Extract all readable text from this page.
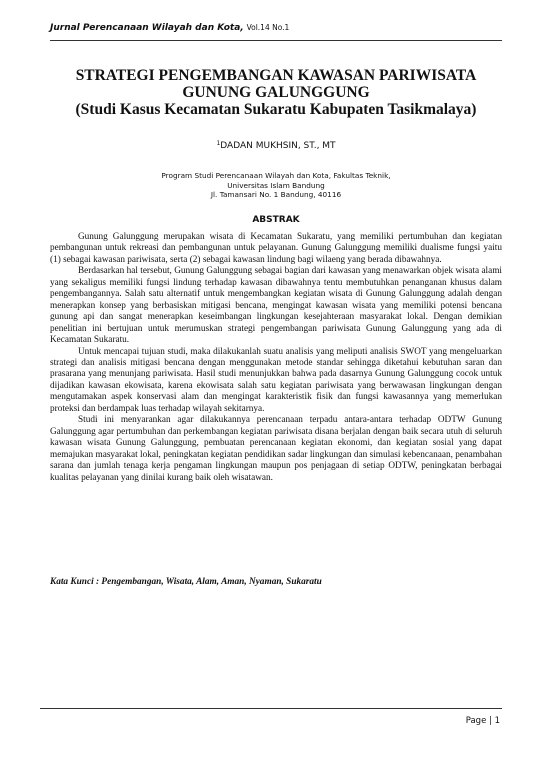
Jurnal Perencanaan Wilayah dan Kota, Vol.14 No.1
STRATEGI PENGEMBANGAN KAWASAN PARIWISATA
GUNUNG GALUNGGUNG
(Studi Kasus Kecamatan Sukaratu Kabupaten Tasikmalaya)
$^1$DADAN MUKHSIN, ST., MT
Program Studi Perencanaan Wilayah dan Kota, Fakultas Teknik,
Universitas Islam Bandung
Jl. Tamansari No. 1 Bandung, 40116
ABSTRAK

Gunung Galunggung merupakan wisata di Kecamatan Sukaratu, yang memiliki pertumbuhan dan kegiatan pembangunan untuk rekreasi dan pembangunan untuk pelayanan. Gunung Galunggung memiliki dualisme fungsi yaitu (1) sebagai kawasan pariwisata, serta (2) sebagai kawasan lindung bagi wilaeng yang berada dibawahnya.

Berdasarkan hal tersebut, Gunung Galunggung sebagai bagian dari kawasan yang menawarkan objek wisata alami yang sekaligus memiliki fungsi lindung terhadap kawasan dibawahnya tentu membutuhkan penanganan khusus dalam pengembangannya. Salah satu alternatif untuk mengembangkan kegiatan wisata di Gunung Galunggung adalah dengan menerapkan konsep yang berbasiskan mitigasi bencana, mengingat kawasan wisata yang memiliki potensi bencana gunung api dan sangat menerapkan keseimbangan lingkungan kesejahteraan masyarakat lokal. Dengan demikian penelitian ini bertujuan untuk merumuskan strategi pengembangan pariwisata Gunung Galunggung yang ada di Kecamatan Sukaratu.

Untuk mencapai tujuan studi, maka dilakukanlah suatu analisis yang meliputi analisis SWOT yang mengeluarkan strategi dan analisis mitigasi bencana dengan menggunakan metode standar sehingga diketahui kebutuhan saran dan prasarana yang menunjang pariwisata. Hasil studi menunjukkan bahwa pada dasarnya Gunung Galunggung cocok untuk dijadikan kawasan ekowisata, karena ekowisata salah satu kegiatan pariwisata yang berwawasan lingkungan dengan mengutamakan aspek konservasi alam dan mengingat karakteristik fisik dan fungsi kawasannya yang memerlukan proteksi dan berdampak luas terhadap wilayah sekitarnya.

Studi ini menyarankan agar dilakukannya perencanaan terpadu antara-antara terhadap ODTW Gunung Galunggung agar pertumbuhan dan perkembangan kegiatan pariwisata disana berjalan dengan baik secara utuh di seluruh kawasan wisata Gunung Galunggung, pembuatan perencanaan kegiatan ekonomi, dan kegiatan sosial yang dapat memajukan masyarakat lokal, peningkatan kegiatan pendidikan sadar lingkungan dan simulasi kebencanaan, penambahan sarana dan jumlah tenaga kerja pengaman lingkungan maupun pos penjagaan di setiap ODTW, peningkatan berbagai kualitas pelayanan yang dinilai kurang baik oleh wisatawan.

Kata Kunci : Pengembangan, Wisata, Alam, Aman, Nyaman, Sukaratu
Page | 1
